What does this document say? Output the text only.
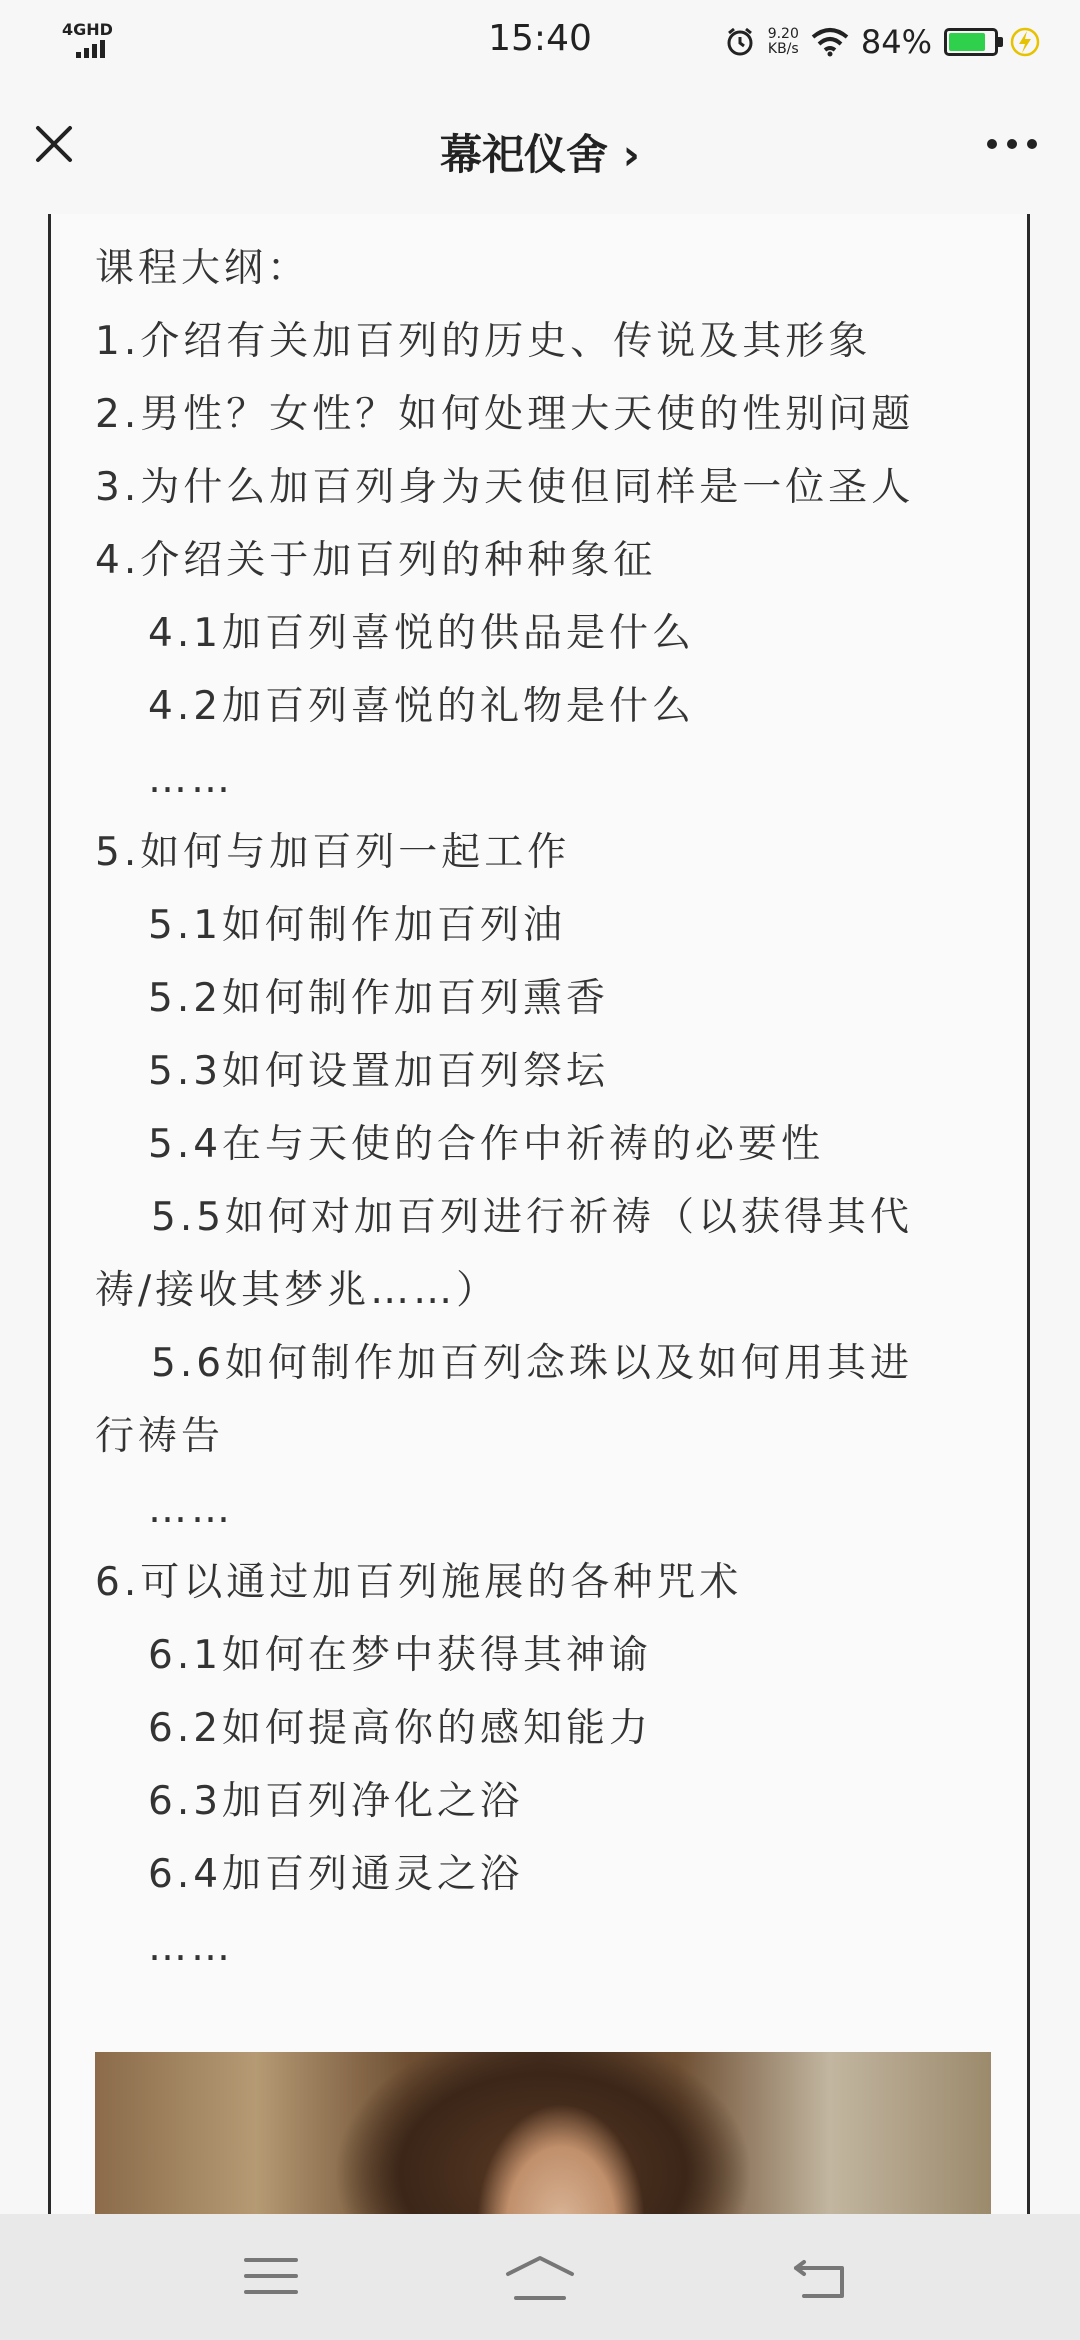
4GHD	15:40	9.20
KB/s 84%
幕祀仪舍 ›
课程大纲：
1.介绍有关加百列的历史、传说及其形象
2.男性？女性？如何处理大天使的性别问题
3.为什么加百列身为天使但同样是一位圣人
4.介绍关于加百列的种种象征
4.1加百列喜悦的供品是什么
4.2加百列喜悦的礼物是什么
……
5.如何与加百列一起工作
5.1如何制作加百列油
5.2如何制作加百列熏香
5.3如何设置加百列祭坛
5.4在与天使的合作中祈祷的必要性
5.5如何对加百列进行祈祷（以获得其代
祷/接收其梦兆……）
5.6如何制作加百列念珠以及如何用其进
行祷告
……
6.可以通过加百列施展的各种咒术
6.1如何在梦中获得其神谕
6.2如何提高你的感知能力
6.3加百列净化之浴
6.4加百列通灵之浴
……
